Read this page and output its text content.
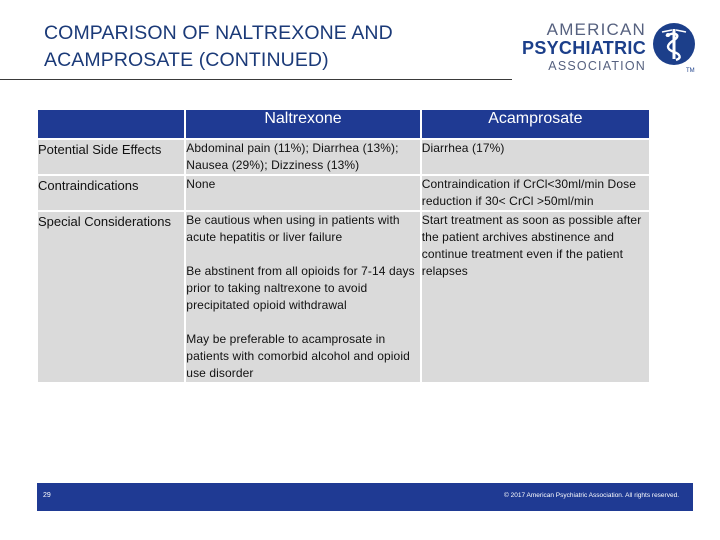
COMPARISON OF NALTREXONE AND ACAMPROSATE (CONTINUED)
AMERICAN
PSYCHIATRIC
ASSOCIATION	TM
	Naltrexone	Acamprosate
Potential Side Effects	Abdominal pain (11%); Diarrhea (13%); Nausea (29%); Dizziness (13%)	Diarrhea (17%)

Contraindications	None	Contraindication if CrCl<30ml/min Dose reduction if 30< CrCl >50ml/min

Special Considerations	Be cautious when using in patients with acute hepatitis or liver failure

Be abstinent from all opioids for 7-14 days prior to taking naltrexone to avoid precipitated opioid withdrawal

May be preferable to acamprosate in patients with comorbid alcohol and opioid use disorder	Start treatment as soon as possible after the patient archives abstinence and continue treatment even if the patient relapses

29	© 2017 American Psychiatric Association. All rights reserved.
